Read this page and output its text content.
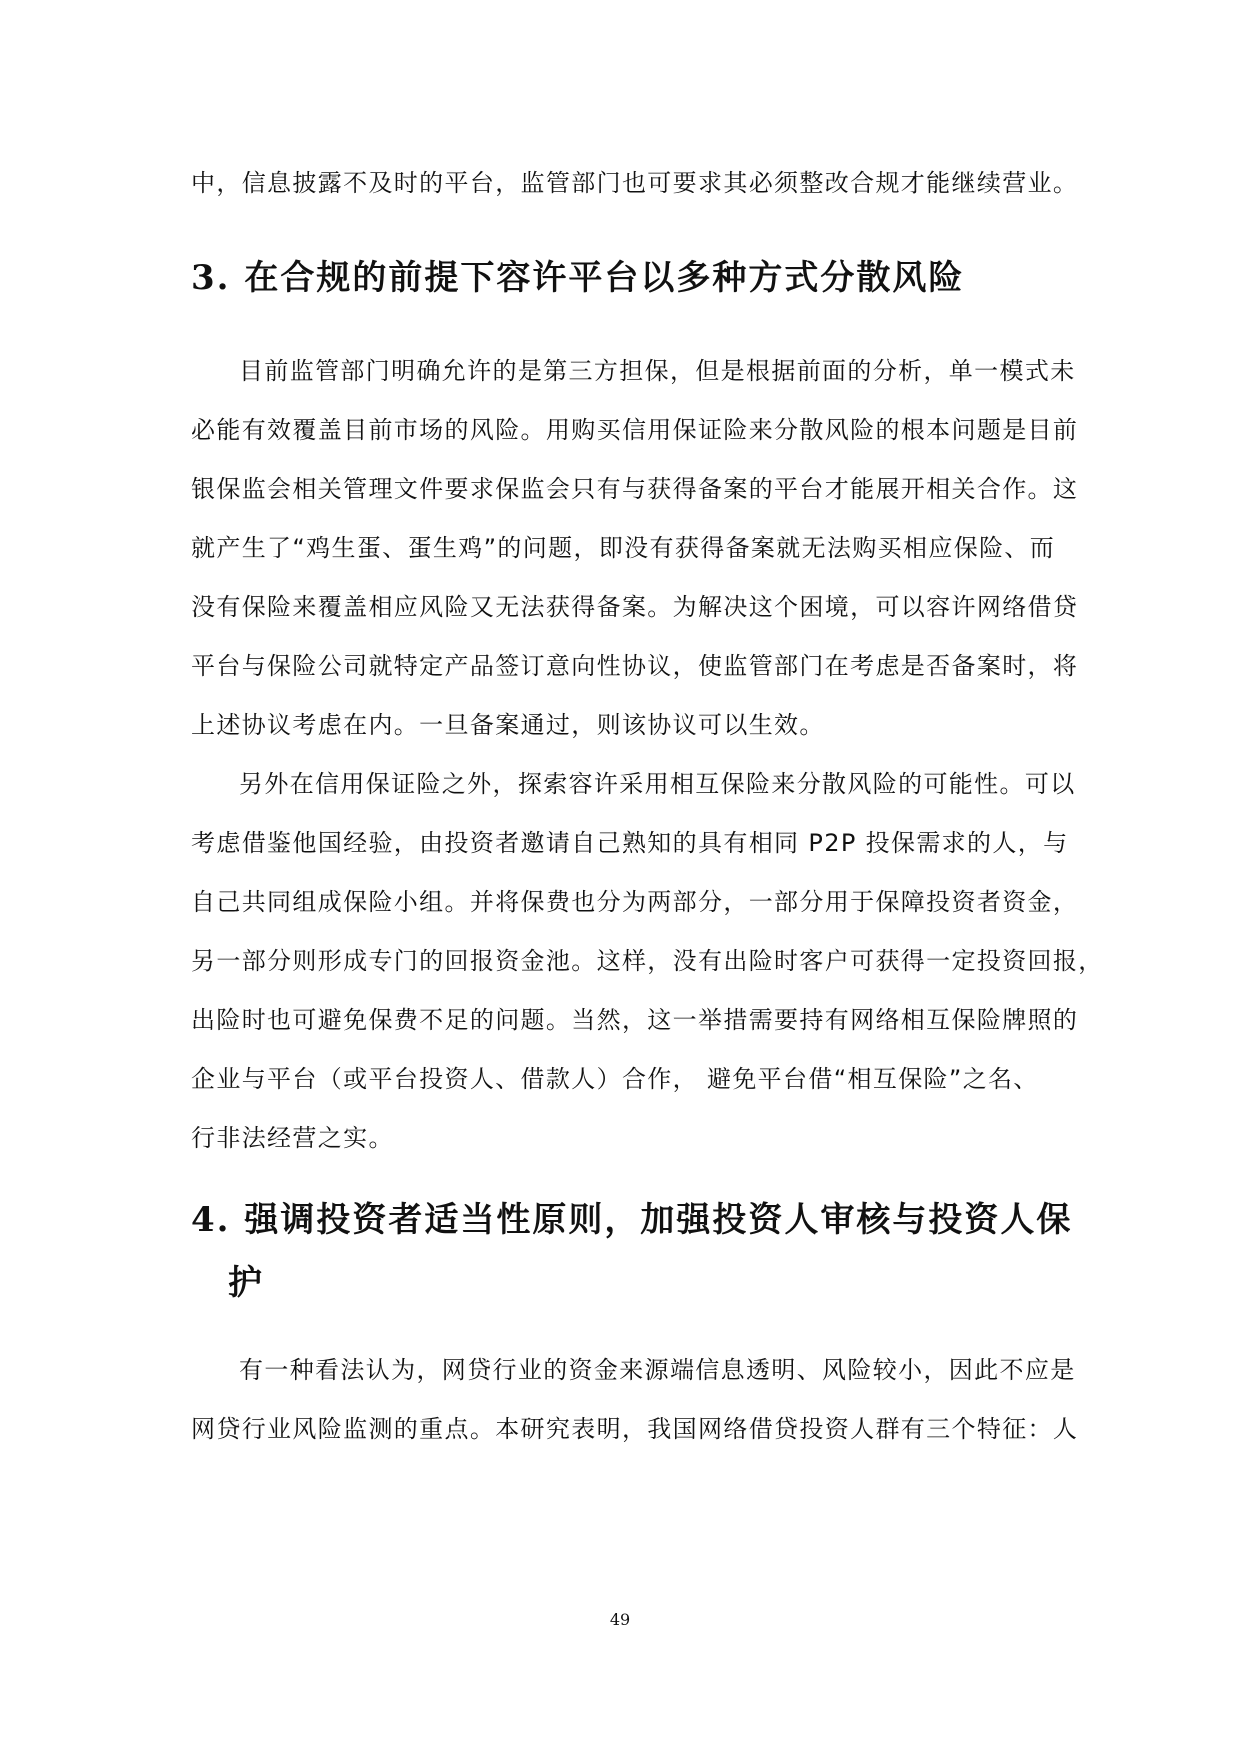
中，信息披露不及时的平台，监管部门也可要求其必须整改合规才能继续营业。
3. 在合规的前提下容许平台以多种方式分散风险
目前监管部门明确允许的是第三方担保，但是根据前面的分析，单一模式未
必能有效覆盖目前市场的风险。用购买信用保证险来分散风险的根本问题是目前
银保监会相关管理文件要求保监会只有与获得备案的平台才能展开相关合作。这
就产生了“鸡生蛋、蛋生鸡”的问题，即没有获得备案就无法购买相应保险、而
没有保险来覆盖相应风险又无法获得备案。为解决这个困境，可以容许网络借贷
平台与保险公司就特定产品签订意向性协议，使监管部门在考虑是否备案时，将
上述协议考虑在内。一旦备案通过，则该协议可以生效。
另外在信用保证险之外，探索容许采用相互保险来分散风险的可能性。可以
考虑借鉴他国经验，由投资者邀请自己熟知的具有相同 P2P 投保需求的人，与
自己共同组成保险小组。并将保费也分为两部分，一部分用于保障投资者资金，
另一部分则形成专门的回报资金池。这样，没有出险时客户可获得一定投资回报，
出险时也可避免保费不足的问题。当然，这一举措需要持有网络相互保险牌照的
企业与平台（或平台投资人、借款人）合作， 避免平台借“相互保险”之名、
行非法经营之实。
4. 强调投资者适当性原则，加强投资人审核与投资人保
护
有一种看法认为，网贷行业的资金来源端信息透明、风险较小，因此不应是
网贷行业风险监测的重点。本研究表明，我国网络借贷投资人群有三个特征：人
49
